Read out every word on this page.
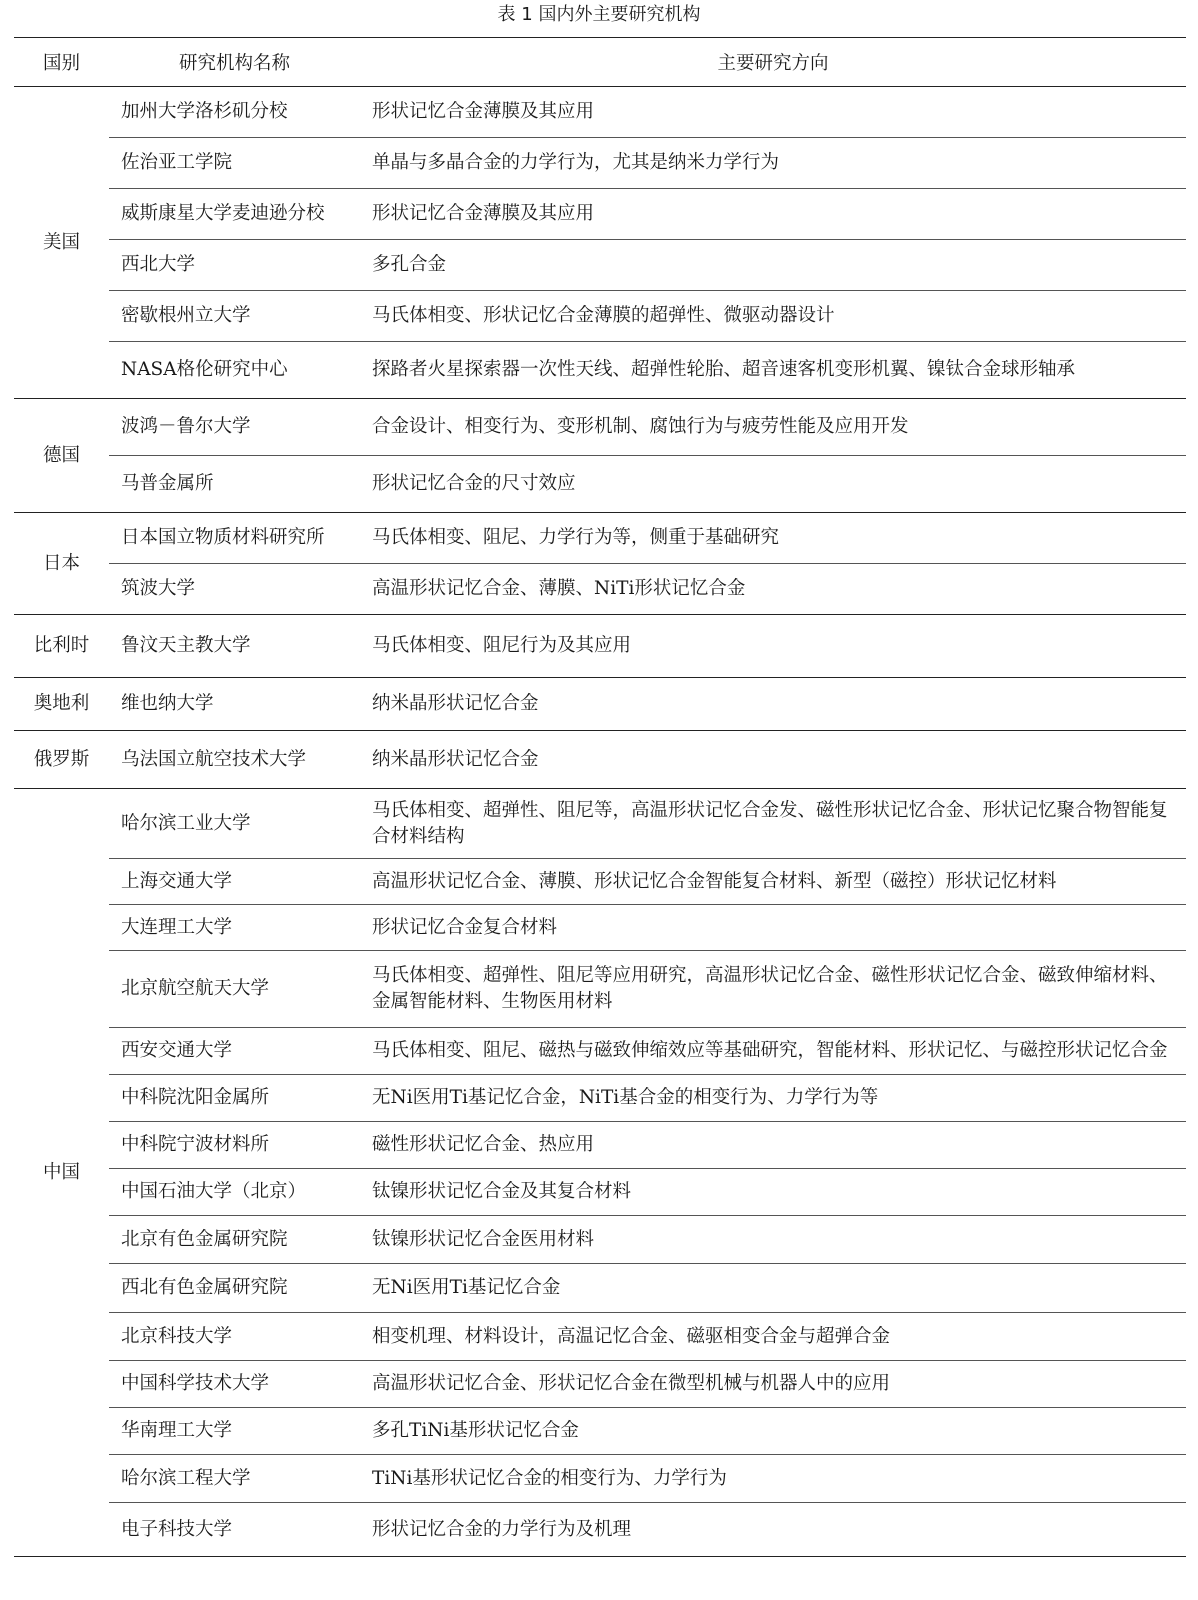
表 1 国内外主要研究机构
国别	研究机构名称	主要研究方向
美国	加州大学洛杉矶分校	形状记忆合金薄膜及其应用
	佐治亚工学院	单晶与多晶合金的力学行为，尤其是纳米力学行为
	威斯康星大学麦迪逊分校	形状记忆合金薄膜及其应用
	西北大学	多孔合金
	密歇根州立大学	马氏体相变、形状记忆合金薄膜的超弹性、微驱动器设计
	NASA格伦研究中心	探路者火星探索器一次性天线、超弹性轮胎、超音速客机变形机翼、镍钛合金球形轴承
德国	波鸿－鲁尔大学	合金设计、相变行为、变形机制、腐蚀行为与疲劳性能及应用开发
	马普金属所	形状记忆合金的尺寸效应
日本	日本国立物质材料研究所	马氏体相变、阻尼、力学行为等，侧重于基础研究
	筑波大学	高温形状记忆合金、薄膜、NiTi形状记忆合金
比利时	鲁汶天主教大学	马氏体相变、阻尼行为及其应用
奥地利	维也纳大学	纳米晶形状记忆合金
俄罗斯	乌法国立航空技术大学	纳米晶形状记忆合金
中国	哈尔滨工业大学	马氏体相变、超弹性、阻尼等，高温形状记忆合金发、磁性形状记忆合金、形状记忆聚合物智能复合材料结构
	上海交通大学	高温形状记忆合金、薄膜、形状记忆合金智能复合材料、新型（磁控）形状记忆材料
	大连理工大学	形状记忆合金复合材料
	北京航空航天大学	马氏体相变、超弹性、阻尼等应用研究，高温形状记忆合金、磁性形状记忆合金、磁致伸缩材料、金属智能材料、生物医用材料
	西安交通大学	马氏体相变、阻尼、磁热与磁致伸缩效应等基础研究，智能材料、形状记忆、与磁控形状记忆合金
	中科院沈阳金属所	无Ni医用Ti基记忆合金，NiTi基合金的相变行为、力学行为等
	中科院宁波材料所	磁性形状记忆合金、热应用
	中国石油大学（北京）	钛镍形状记忆合金及其复合材料
	北京有色金属研究院	钛镍形状记忆合金医用材料
	西北有色金属研究院	无Ni医用Ti基记忆合金
	北京科技大学	相变机理、材料设计，高温记忆合金、磁驱相变合金与超弹合金
	中国科学技术大学	高温形状记忆合金、形状记忆合金在微型机械与机器人中的应用
	华南理工大学	多孔TiNi基形状记忆合金
	哈尔滨工程大学	TiNi基形状记忆合金的相变行为、力学行为
	电子科技大学	形状记忆合金的力学行为及机理
